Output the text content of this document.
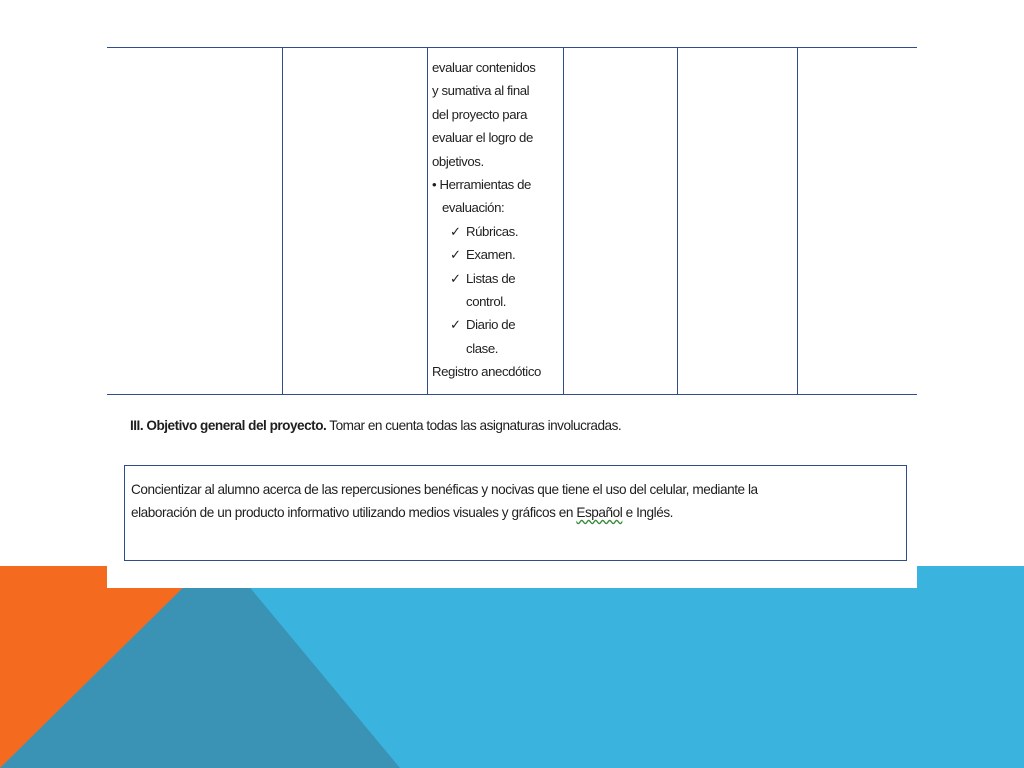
evaluar contenidos
y sumativa al final
del proyecto para
evaluar el logro de
objetivos.
• Herramientas de
evaluación:
✓ Rúbricas.
✓ Examen.
✓ Listas de
control.
✓ Diario de
clase.
Registro anecdótico
III. Objetivo general del proyecto. Tomar en cuenta todas las asignaturas involucradas.
Concientizar al alumno acerca de las repercusiones benéficas y nocivas que tiene el uso del celular, mediante la
elaboración de un producto informativo utilizando medios visuales y gráficos en Español e Inglés.
